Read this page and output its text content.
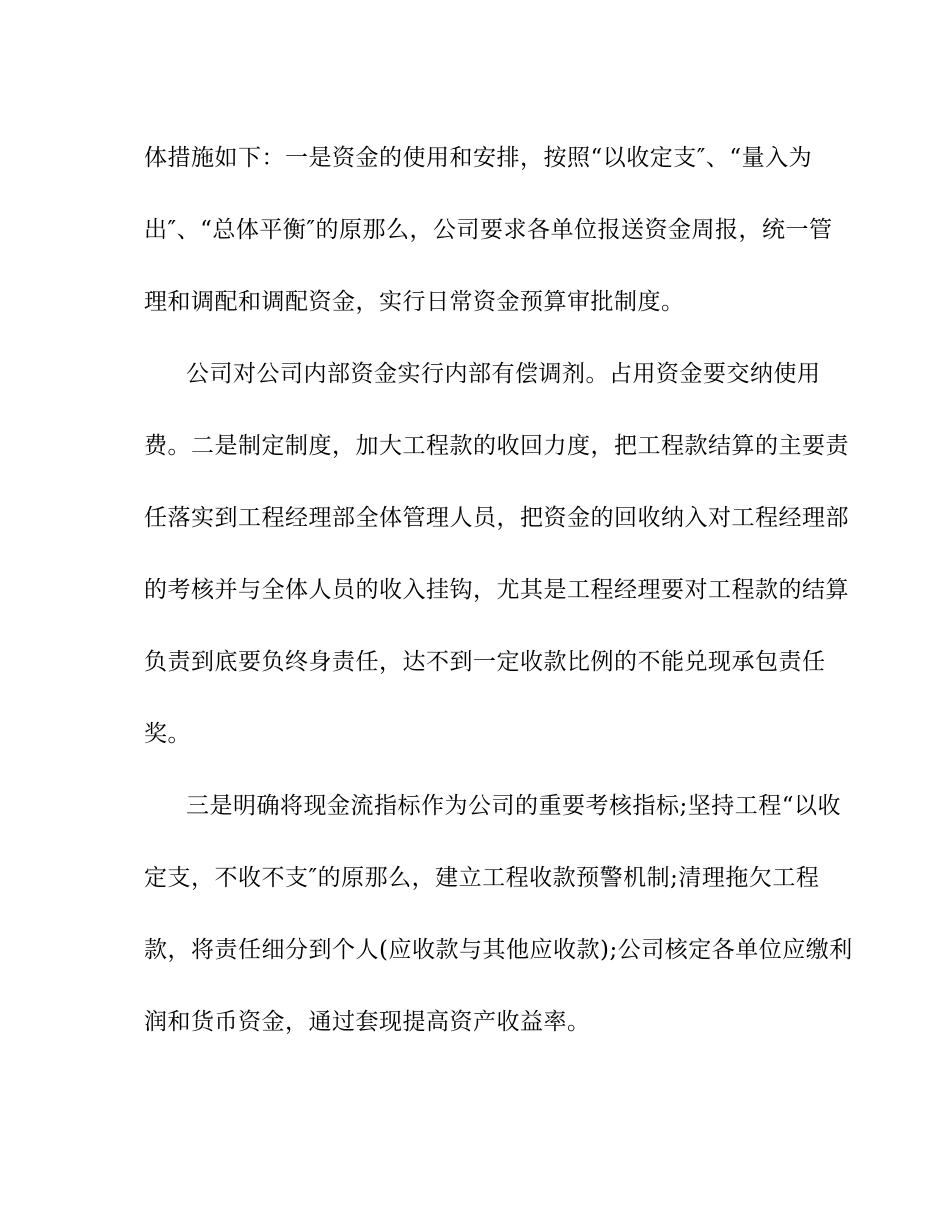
体措施如下：一是资金的使用和安排，按照“以收定支″、“量入为
出″、“总体平衡″的原那么，公司要求各单位报送资金周报，统一管
理和调配和调配资金，实行日常资金预算审批制度。
公司对公司内部资金实行内部有偿调剂。占用资金要交纳使用
费。二是制定制度，加大工程款的收回力度，把工程款结算的主要责
任落实到工程经理部全体管理人员，把资金的回收纳入对工程经理部
的考核并与全体人员的收入挂钩，尤其是工程经理要对工程款的结算
负责到底要负终身责任，达不到一定收款比例的不能兑现承包责任
奖。
三是明确将现金流指标作为公司的重要考核指标;坚持工程“以收
定支，不收不支″的原那么，建立工程收款预警机制;清理拖欠工程
款，将责任细分到个人(应收款与其他应收款);公司核定各单位应缴利
润和货币资金，通过套现提高资产收益率。
